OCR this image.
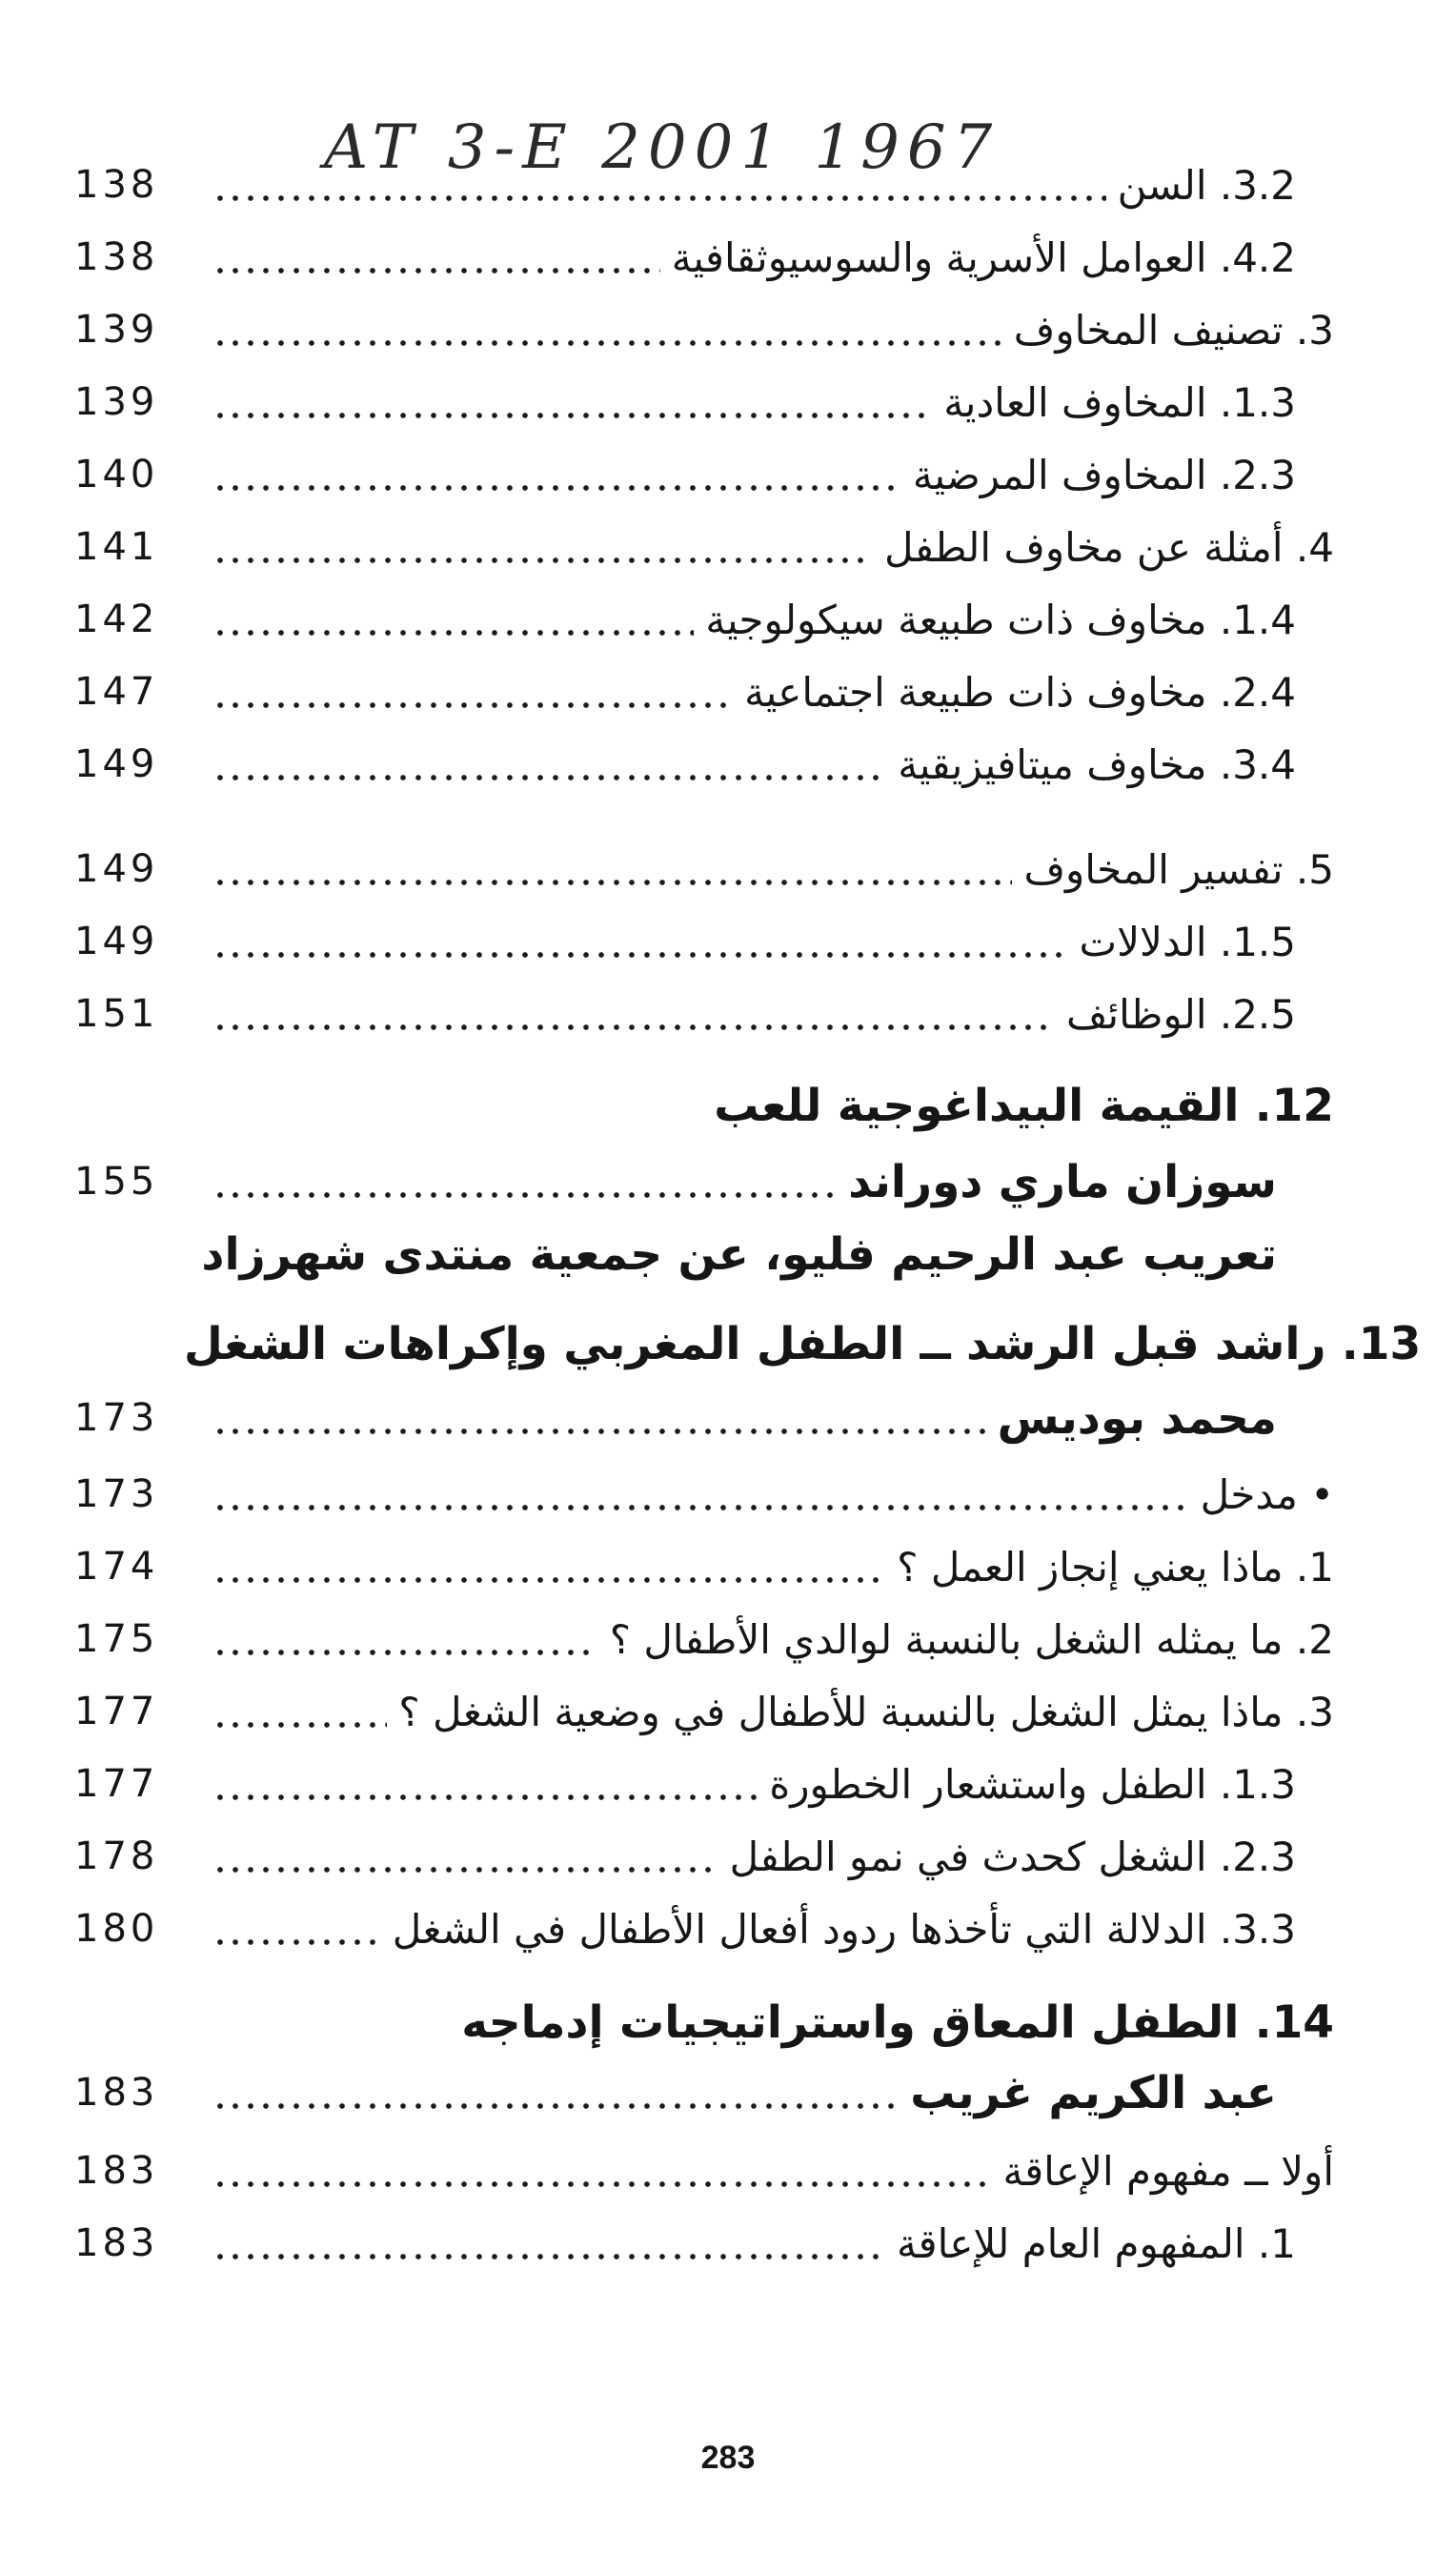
AT 3-E 2001 1967
138	3.2. السن
138	4.2. العوامل الأسرية والسوسيوثقافية
139	3. تصنيف المخاوف
139	1.3. المخاوف العادية
140	2.3. المخاوف المرضية
141	4. أمثلة عن مخاوف الطفل
142	1.4. مخاوف ذات طبيعة سيكولوجية
147	2.4. مخاوف ذات طبيعة اجتماعية
149	3.4. مخاوف ميتافيزيقية
149	5. تفسير المخاوف
149	1.5. الدلالات
151	2.5. الوظائف
12. القيمة البيداغوجية للعب
155	سوزان ماري دوراند
تعريب عبد الرحيم فليو، عن جمعية منتدى شهرزاد
13. راشد قبل الرشد ــ الطفل المغربي وإكراهات الشغل
173	محمد بوديس
173	• مدخل
174	1. ماذا يعني إنجاز العمل ؟
175	2. ما يمثله الشغل بالنسبة لوالدي الأطفال ؟
177	3. ماذا يمثل الشغل بالنسبة للأطفال في وضعية الشغل ؟
177	1.3. الطفل واستشعار الخطورة
178	2.3. الشغل كحدث في نمو الطفل
180	3.3. الدلالة التي تأخذها ردود أفعال الأطفال في الشغل
14. الطفل المعاق واستراتيجيات إدماجه
183	عبد الكريم غريب
183	أولا ــ مفهوم الإعاقة
183	1. المفهوم العام للإعاقة
283
